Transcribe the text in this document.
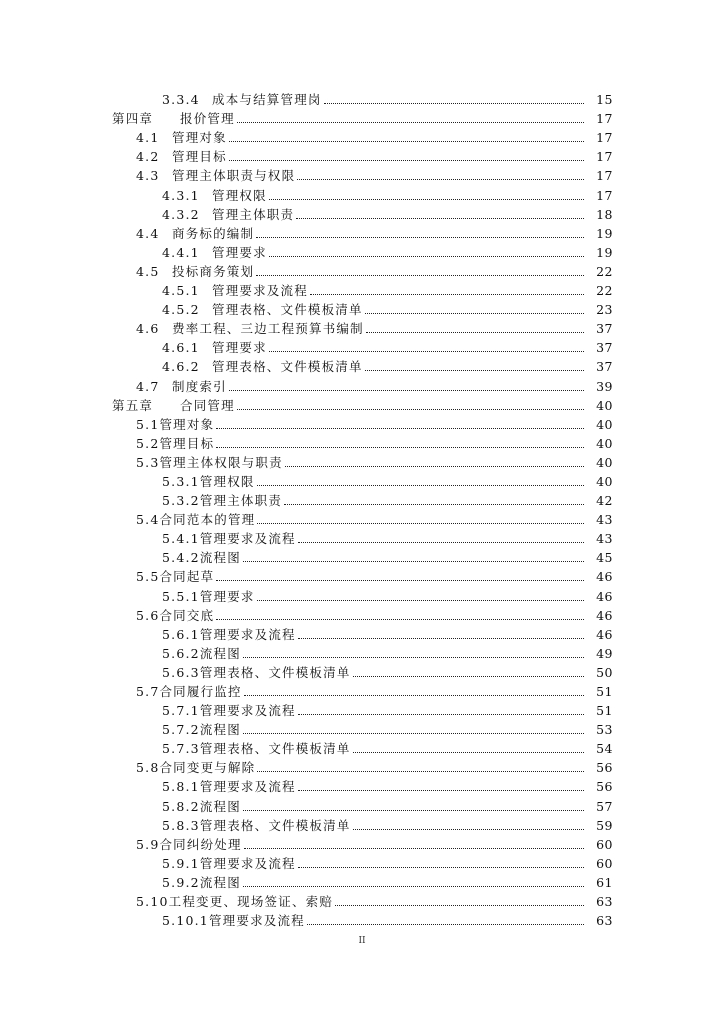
3.3.4 成本与结算管理岗	15
第四章 报价管理	17
4.1 管理对象	17
4.2 管理目标	17
4.3 管理主体职责与权限	17
4.3.1 管理权限	17
4.3.2 管理主体职责	18
4.4 商务标的编制	19
4.4.1 管理要求	19
4.5 投标商务策划	22
4.5.1 管理要求及流程	22
4.5.2 管理表格、文件模板清单	23
4.6 费率工程、三边工程预算书编制	37
4.6.1 管理要求	37
4.6.2 管理表格、文件模板清单	37
4.7 制度索引	39
第五章 合同管理	40
5.1管理对象	40
5.2管理目标	40
5.3管理主体权限与职责	40
5.3.1管理权限	40
5.3.2管理主体职责	42
5.4合同范本的管理	43
5.4.1管理要求及流程	43
5.4.2流程图	45
5.5合同起草	46
5.5.1管理要求	46
5.6合同交底	46
5.6.1管理要求及流程	46
5.6.2流程图	49
5.6.3管理表格、文件模板清单	50
5.7合同履行监控	51
5.7.1管理要求及流程	51
5.7.2流程图	53
5.7.3管理表格、文件模板清单	54
5.8合同变更与解除	56
5.8.1管理要求及流程	56
5.8.2流程图	57
5.8.3管理表格、文件模板清单	59
5.9合同纠纷处理	60
5.9.1管理要求及流程	60
5.9.2流程图	61
5.10工程变更、现场签证、索赔	63
5.10.1管理要求及流程	63
II
